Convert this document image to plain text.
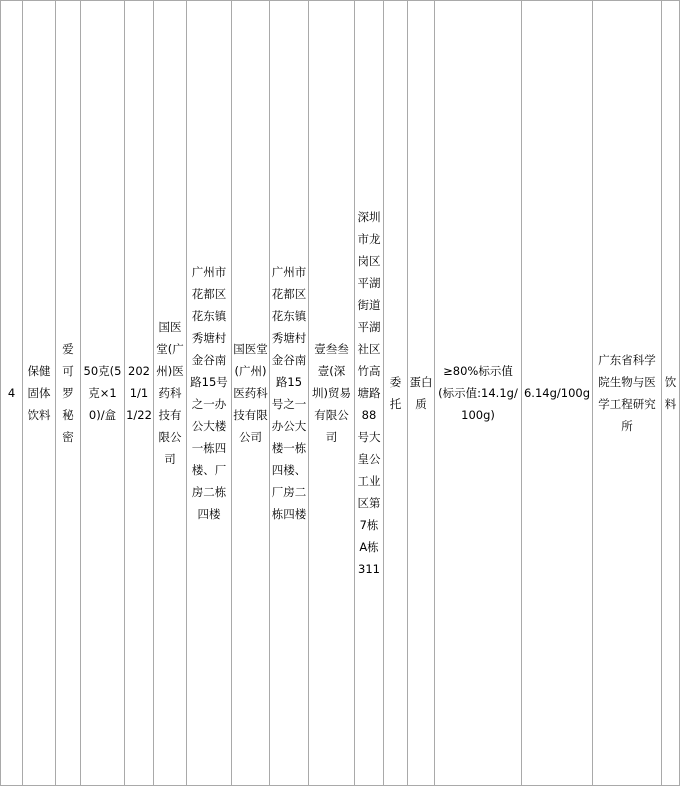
4	保健固体饮料	爱可罗秘密	50克(5克×10)/盒	2021/11/22	国医堂(广州)医药科技有限公司	广州市花都区花东镇秀塘村金谷南路15号之一办公大楼一栋四楼、厂房二栋四楼	国医堂(广州)医药科技有限公司	广州市花都区花东镇秀塘村金谷南路15号之一办公大楼一栋四楼、厂房二栋四楼	壹叁叁壹(深圳)贸易有限公司	深圳市龙岗区平湖街道平湖社区竹高塘路88号大皇公工业区第7栋A栋311	委托	蛋白质	≥80%标示值(标示值:14.1g/100g)	6.14g/100g	广东省科学院生物与医学工程研究所	饮料
